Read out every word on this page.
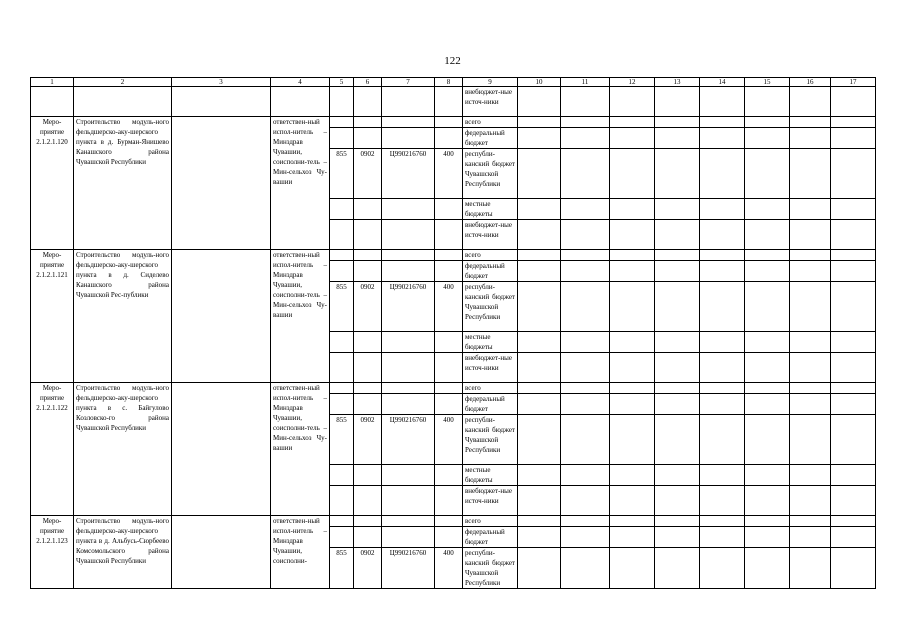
122
1	2	3	4	5	6	7	8	9	10	11	12	13	14	15	16	17
								внебюджет-ные источ-ники								
Меро-приятие 2.1.2.1.120	Строительство модуль-ного фельдшерско-аку-шерского пункта в д. Бурман-Янишево Канашского района Чувашской Республики		ответствен-ный испол-нитель – Минздрав Чувашии, соисполни-тель – Мин-сельхоз Чу-вашии					всего								
								федеральный бюджет								
				855	0902	Ц990216760	400	республи-канский бюджет Чувашской Республики								
								местные бюджеты								
								внебюджет-ные источ-ники								
Меро-приятие 2.1.2.1.121	Строительство модуль-ного фельдшерско-аку-шерского пункта в д. Сиделево Канашского района Чувашской Рес-публики		ответствен-ный испол-нитель – Минздрав Чувашии, соисполни-тель – Мин-сельхоз Чу-вашии					всего								
								федеральный бюджет								
				855	0902	Ц990216760	400	республи-канский бюджет Чувашской Республики								
								местные бюджеты								
								внебюджет-ные источ-ники								
Меро-приятие 2.1.2.1.122	Строительство модуль-ного фельдшерско-аку-шерского пункта в с. Байгулово Козловско-го района Чувашской Республики		ответствен-ный испол-нитель – Минздрав Чувашии, соисполни-тель – Мин-сельхоз Чу-вашии					всего								
								федеральный бюджет								
				855	0902	Ц990216760	400	республи-канский бюджет Чувашской Республики								
								местные бюджеты								
								внебюджет-ные источ-ники								
Меро-приятие 2.1.2.1.123	Строительство модуль-ного фельдшерско-аку-шерского пункта в д. Альбусь-Сюрбеево Комсомольского района Чувашской Республики		ответствен-ный испол-нитель – Минздрав Чувашии, соисполни-					всего								
								федеральный бюджет								
				855	0902	Ц990216760	400	республи-канский бюджет Чувашской Республики								
